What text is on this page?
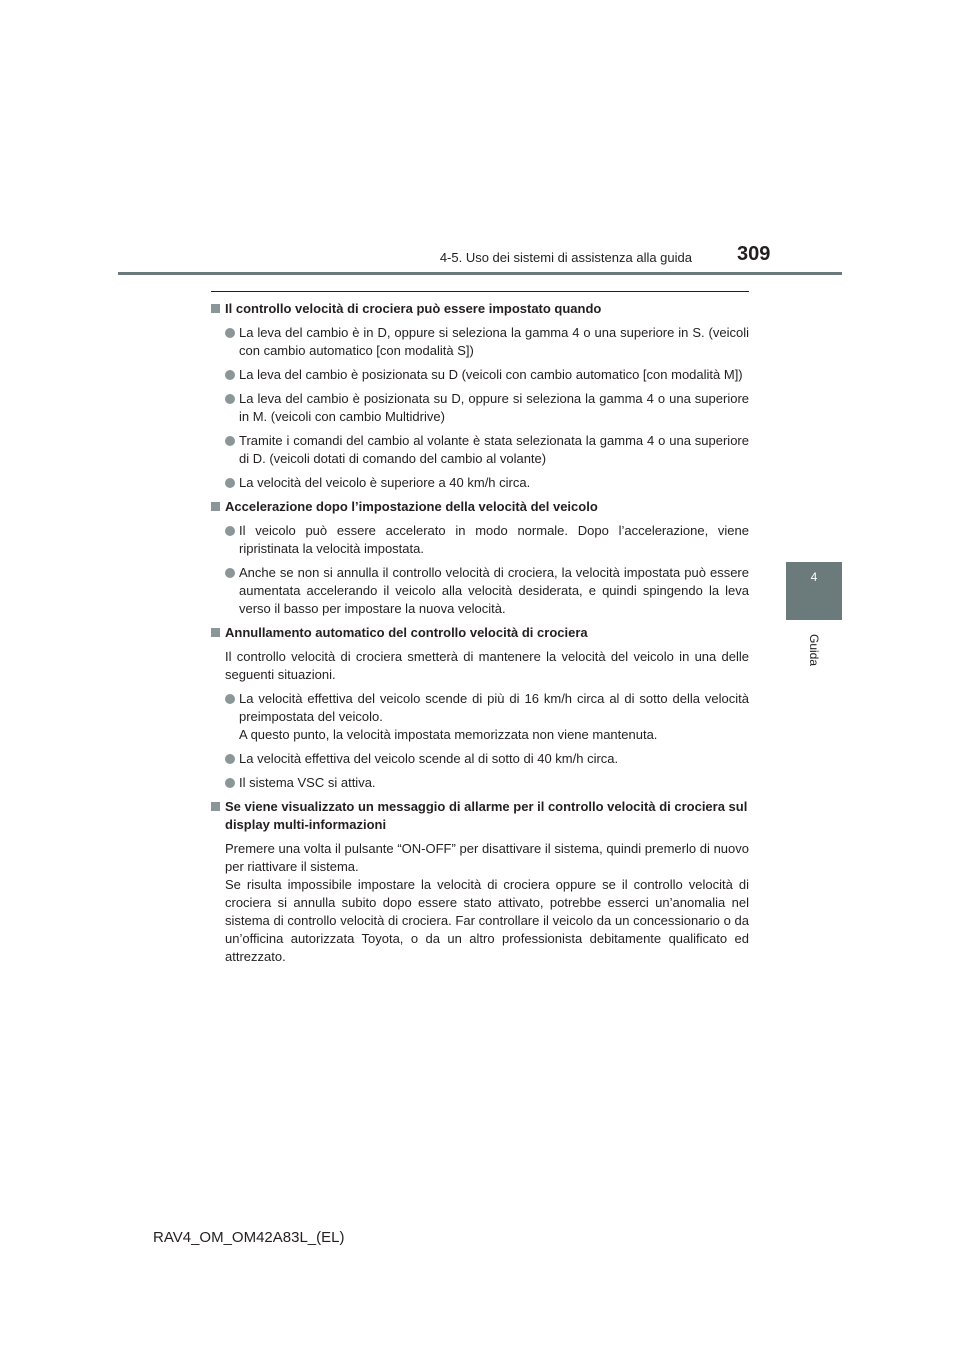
4-5. Uso dei sistemi di assistenza alla guida 309
4
Guida
Il controllo velocità di crociera può essere impostato quando
La leva del cambio è in D, oppure si seleziona la gamma 4 o una superiore in S. (veicoli con cambio automatico [con modalità S])
La leva del cambio è posizionata su D (veicoli con cambio automatico [con modalità M])
La leva del cambio è posizionata su D, oppure si seleziona la gamma 4 o una superiore in M. (veicoli con cambio Multidrive)
Tramite i comandi del cambio al volante è stata selezionata la gamma 4 o una superiore di D. (veicoli dotati di comando del cambio al volante)
La velocità del veicolo è superiore a 40 km/h circa.
Accelerazione dopo l’impostazione della velocità del veicolo
Il veicolo può essere accelerato in modo normale. Dopo l’accelerazione, viene ripristinata la velocità impostata.
Anche se non si annulla il controllo velocità di crociera, la velocità impostata può essere aumentata accelerando il veicolo alla velocità desiderata, e quindi spingendo la leva verso il basso per impostare la nuova velocità.
Annullamento automatico del controllo velocità di crociera
Il controllo velocità di crociera smetterà di mantenere la velocità del veicolo in una delle seguenti situazioni.
La velocità effettiva del veicolo scende di più di 16 km/h circa al di sotto della velocità preimpostata del veicolo.
A questo punto, la velocità impostata memorizzata non viene mantenuta.
La velocità effettiva del veicolo scende al di sotto di 40 km/h circa.
Il sistema VSC si attiva.
Se viene visualizzato un messaggio di allarme per il controllo velocità di crociera sul display multi-informazioni
Premere una volta il pulsante “ON-OFF” per disattivare il sistema, quindi premerlo di nuovo per riattivare il sistema.
Se risulta impossibile impostare la velocità di crociera oppure se il controllo velocità di crociera si annulla subito dopo essere stato attivato, potrebbe esserci un’anomalia nel sistema di controllo velocità di crociera. Far controllare il veicolo da un concessionario o da un’officina autorizzata Toyota, o da un altro professionista debitamente qualificato ed attrezzato.
RAV4_OM_OM42A83L_(EL)
